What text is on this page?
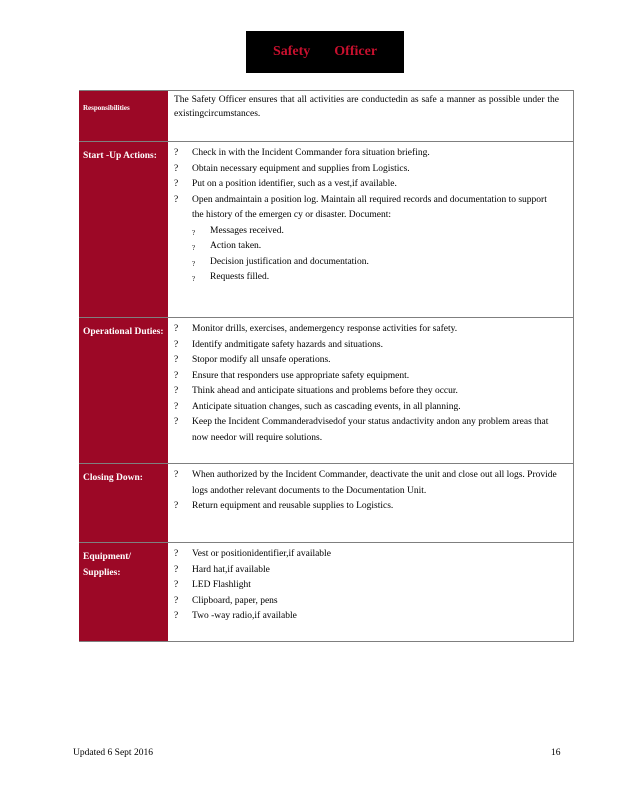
Safety Officer
Responsibilities
The Safety Officer ensures that all activities are conductedin as safe a manner as possible under the existingcircumstances.
Start -Up Actions:	? Check in with the Incident Commander fora situation briefing.
? Obtain necessary equipment and supplies from Logistics.
? Put on a position identifier, such as a vest,if available.
? Open andmaintain a position log. Maintain all required records and documentation to support the history of the emergen cy or disaster. Document:
? Messages received.
? Action taken.
? Decision justification and documentation.
? Requests filled.
Operational Duties:	? Monitor drills, exercises, andemergency response activities for safety.
? Identify andmitigate safety hazards and situations.
? Stopor modify all unsafe operations.
? Ensure that responders use appropriate safety equipment.
? Think ahead and anticipate situations and problems before they occur.
? Anticipate situation changes, such as cascading events, in all planning.
? Keep the Incident Commanderadvisedof your status andactivity andon any problem areas that now needor will require solutions.
Closing Down:	? When authorized by the Incident Commander, deactivate the unit and close out all logs. Provide logs andother relevant documents to the Documentation Unit.
? Return equipment and reusable supplies to Logistics.
Equipment/ Supplies:
? Vest or positionidentifier,if available
? Hard hat,if available
? LED Flashlight
? Clipboard, paper, pens
? Two -way radio,if available
Updated 6 Sept 2016	16
